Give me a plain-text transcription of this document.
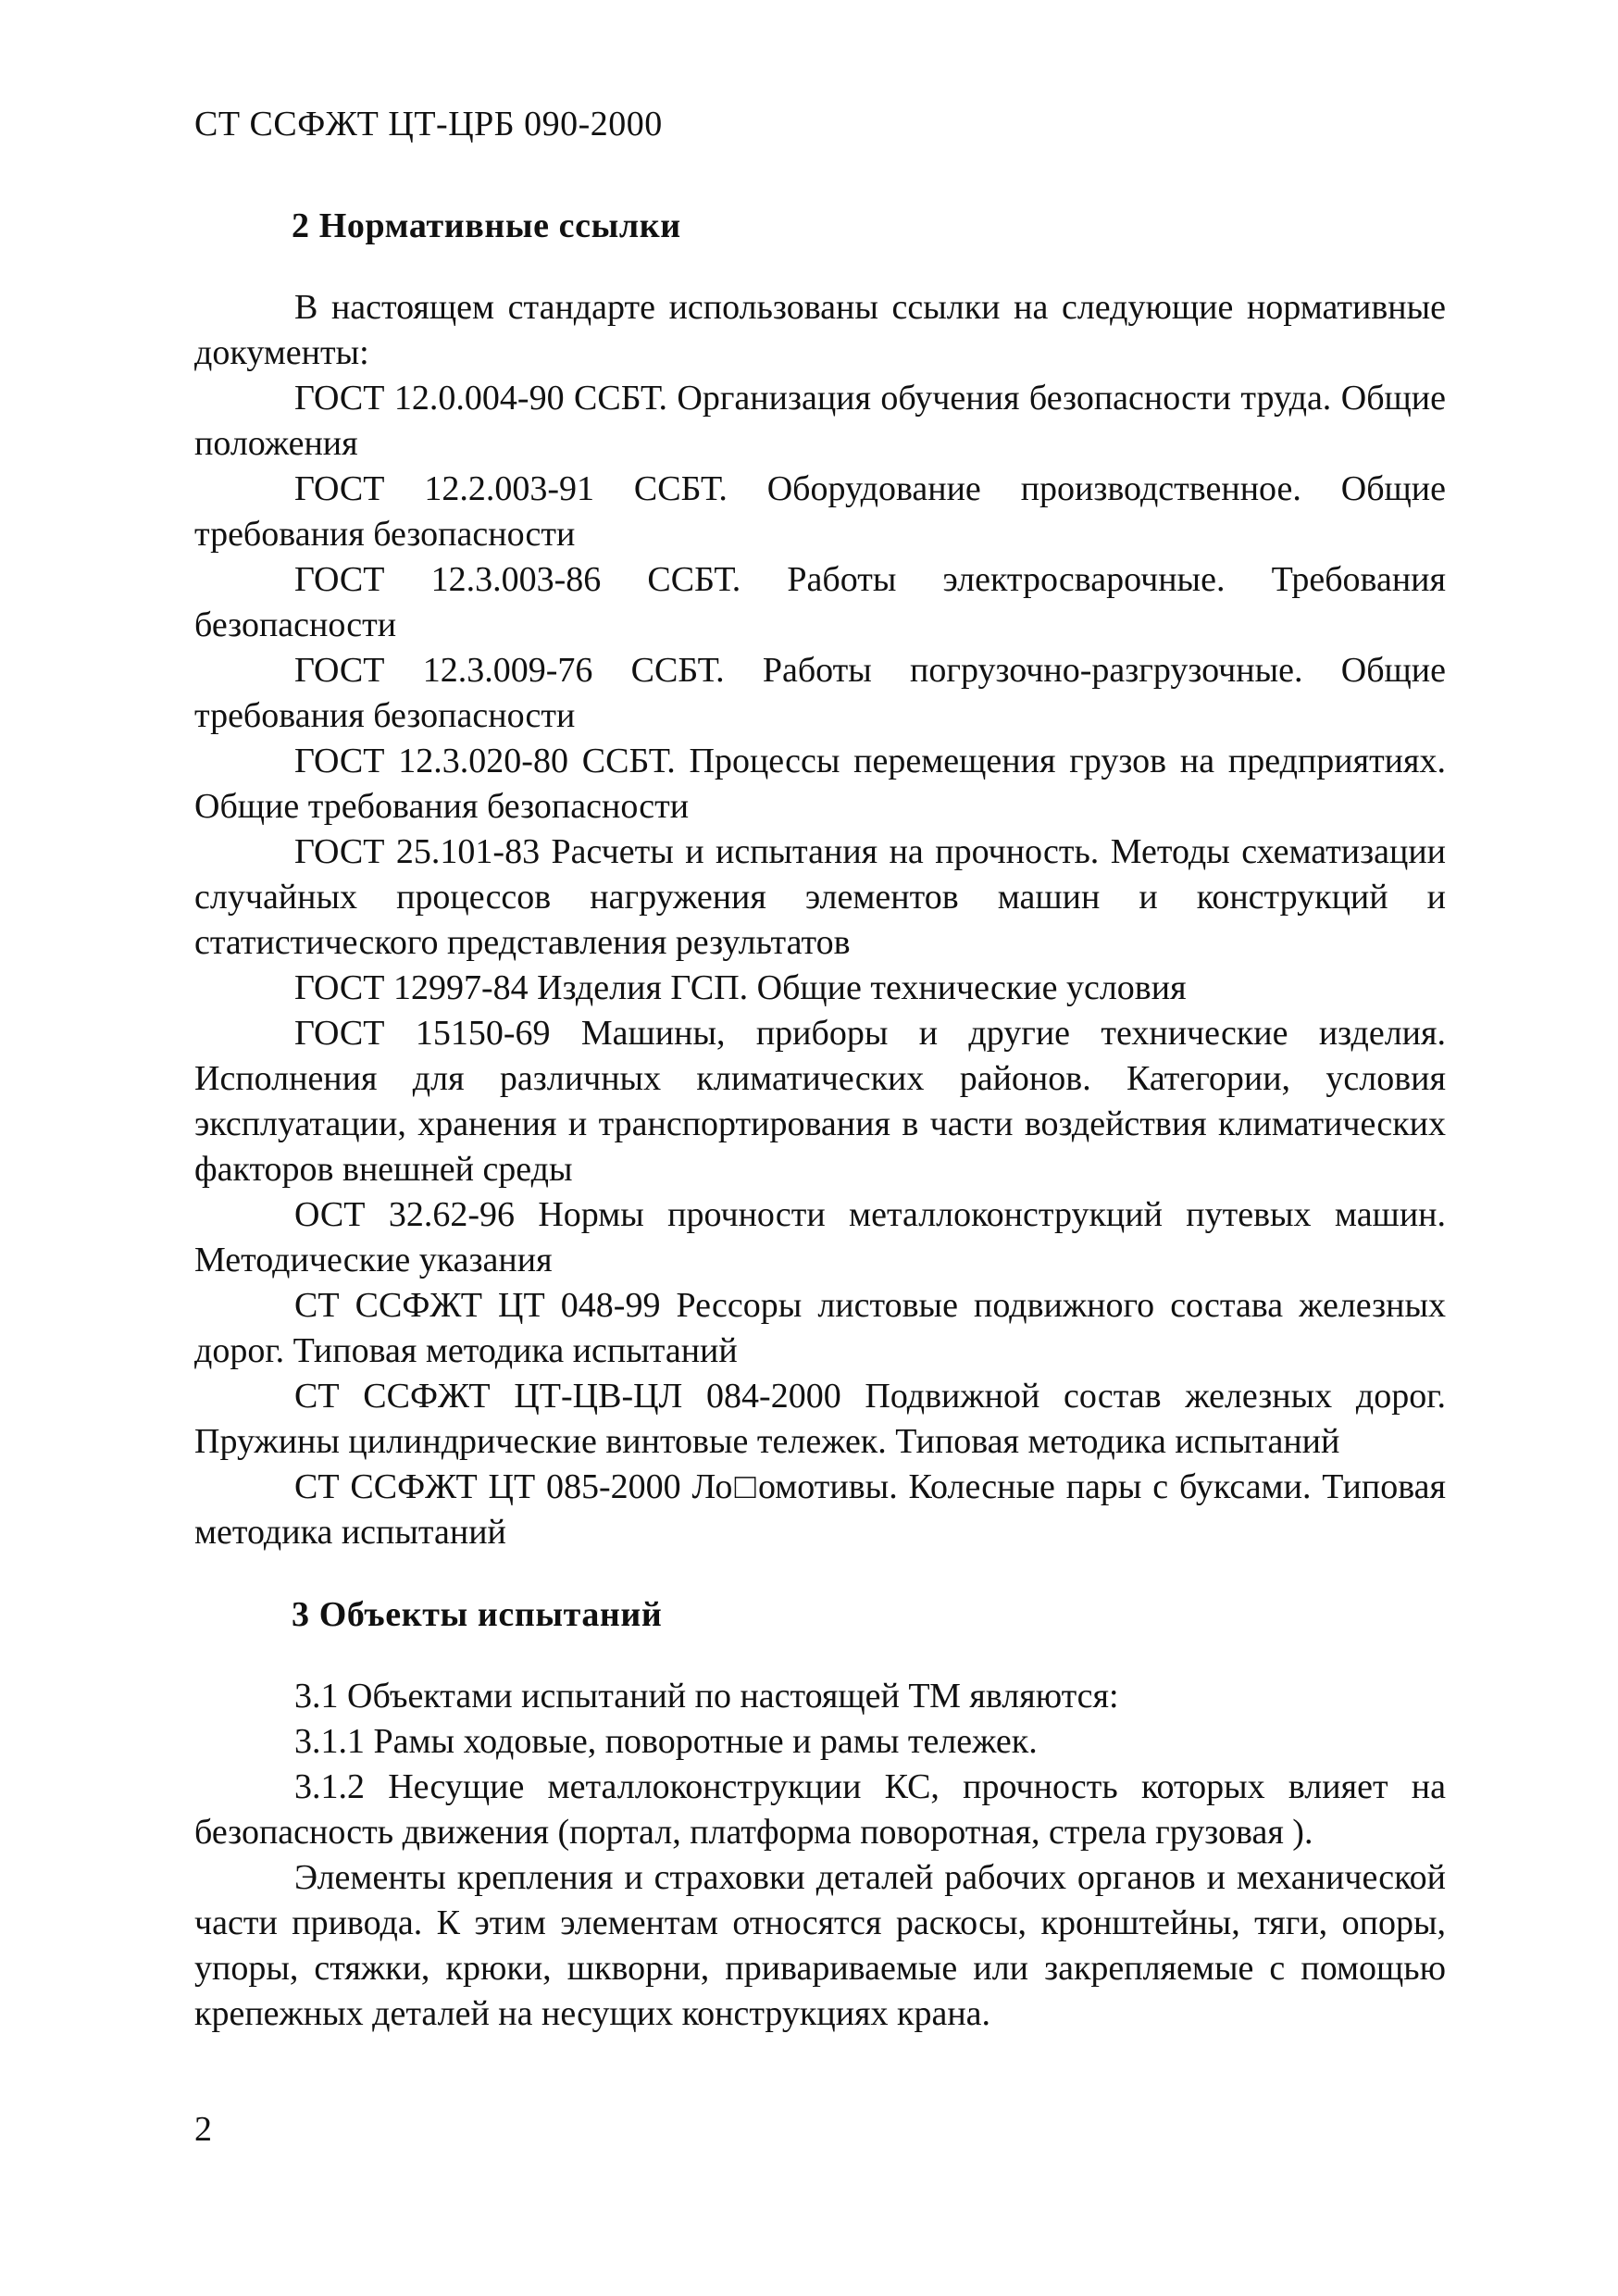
СТ ССФЖТ ЦТ-ЦРБ 090-2000
2 Нормативные ссылки

В настоящем стандарте использованы ссылки на следующие нормативные документы:

ГОСТ 12.0.004-90 ССБТ. Организация обучения безопасности труда. Общие положения

ГОСТ 12.2.003-91 ССБТ. Оборудование производственное. Общие требования безопасности

ГОСТ 12.3.003-86 ССБТ. Работы электросварочные. Требования безопасности

ГОСТ 12.3.009-76 ССБТ. Работы погрузочно-разгрузочные. Общие требования безопасности

ГОСТ 12.3.020-80 ССБТ. Процессы перемещения грузов на предприятиях. Общие требования безопасности

ГОСТ 25.101-83 Расчеты и испытания на прочность. Методы схематизации случайных процессов нагружения элементов машин и конструкций и статистического представления результатов

ГОСТ 12997-84 Изделия ГСП. Общие технические условия

ГОСТ 15150-69 Машины, приборы и другие технические изделия. Исполнения для различных климатических районов. Категории, условия эксплуатации, хранения и транспортирования в части воздействия климатических факторов внешней среды

ОСТ 32.62-96 Нормы прочности металлоконструкций путевых машин. Методические указания

СТ ССФЖТ ЦТ 048-99 Рессоры листовые подвижного состава железных дорог. Типовая методика испытаний

СТ ССФЖТ ЦТ-ЦВ-ЦЛ 084-2000 Подвижной состав железных дорог. Пружины цилиндрические винтовые тележек. Типовая методика испытаний

СТ ССФЖТ ЦТ 085-2000 Ло□омотивы. Колесные пары с буксами. Типовая методика испытаний

3 Объекты испытаний

3.1 Объектами испытаний по настоящей ТМ являются:

3.1.1 Рамы ходовые, поворотные и рамы тележек.

3.1.2 Несущие металлоконструкции КС, прочность которых влияет на безопасность движения (портал, платформа поворотная, стрела грузовая ).

Элементы крепления и страховки деталей рабочих органов и механической части привода. К этим элементам относятся раскосы, кронштейны, тяги, опоры, упоры, стяжки, крюки, шкворни, привариваемые или закрепляемые с помощью крепежных деталей на несущих конструкциях крана.

2
